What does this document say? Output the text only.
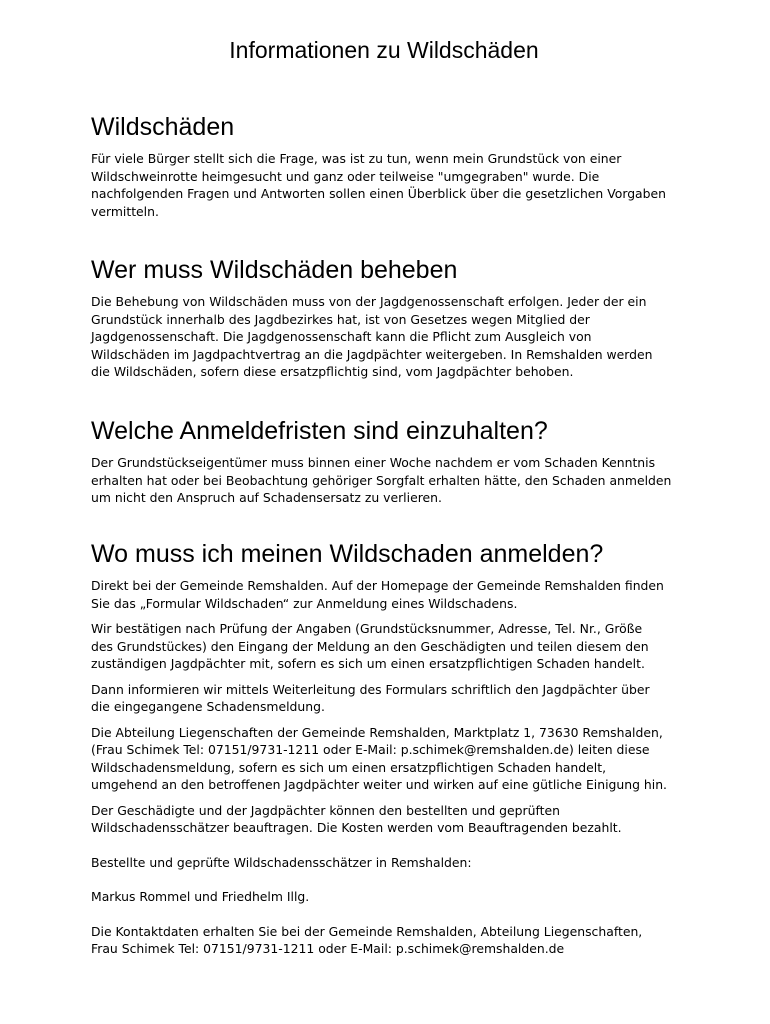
Informationen zu Wildschäden
Wildschäden

Für viele Bürger stellt sich die Frage, was ist zu tun, wenn mein Grundstück von einer
Wildschweinrotte heimgesucht und ganz oder teilweise "umgegraben" wurde. Die
nachfolgenden Fragen und Antworten sollen einen Überblick über die gesetzlichen Vorgaben
vermitteln.

Wer muss Wildschäden beheben

Die Behebung von Wildschäden muss von der Jagdgenossenschaft erfolgen. Jeder der ein
Grundstück innerhalb des Jagdbezirkes hat, ist von Gesetzes wegen Mitglied der
Jagdgenossenschaft. Die Jagdgenossenschaft kann die Pflicht zum Ausgleich von
Wildschäden im Jagdpachtvertrag an die Jagdpächter weitergeben. In Remshalden werden
die Wildschäden, sofern diese ersatzpflichtig sind, vom Jagdpächter behoben.

Welche Anmeldefristen sind einzuhalten?

Der Grundstückseigentümer muss binnen einer Woche nachdem er vom Schaden Kenntnis
erhalten hat oder bei Beobachtung gehöriger Sorgfalt erhalten hätte, den Schaden anmelden
um nicht den Anspruch auf Schadensersatz zu verlieren.

Wo muss ich meinen Wildschaden anmelden?

Direkt bei der Gemeinde Remshalden. Auf der Homepage der Gemeinde Remshalden finden
Sie das „Formular Wildschaden“ zur Anmeldung eines Wildschadens.

Wir bestätigen nach Prüfung der Angaben (Grundstücksnummer, Adresse, Tel. Nr., Größe
des Grundstückes) den Eingang der Meldung an den Geschädigten und teilen diesem den
zuständigen Jagdpächter mit, sofern es sich um einen ersatzpflichtigen Schaden handelt.

Dann informieren wir mittels Weiterleitung des Formulars schriftlich den Jagdpächter über
die eingegangene Schadensmeldung.

Die Abteilung Liegenschaften der Gemeinde Remshalden, Marktplatz 1, 73630 Remshalden,
(Frau Schimek Tel: 07151/9731-1211 oder E-Mail: p.schimek@remshalden.de) leiten diese
Wildschadensmeldung, sofern es sich um einen ersatzpflichtigen Schaden handelt,
umgehend an den betroffenen Jagdpächter weiter und wirken auf eine gütliche Einigung hin.

Der Geschädigte und der Jagdpächter können den bestellten und geprüften
Wildschadensschätzer beauftragen. Die Kosten werden vom Beauftragenden bezahlt.

Bestellte und geprüfte Wildschadensschätzer in Remshalden:

Markus Rommel und Friedhelm Illg.

Die Kontaktdaten erhalten Sie bei der Gemeinde Remshalden, Abteilung Liegenschaften,
Frau Schimek Tel: 07151/9731-1211 oder E-Mail: p.schimek@remshalden.de
